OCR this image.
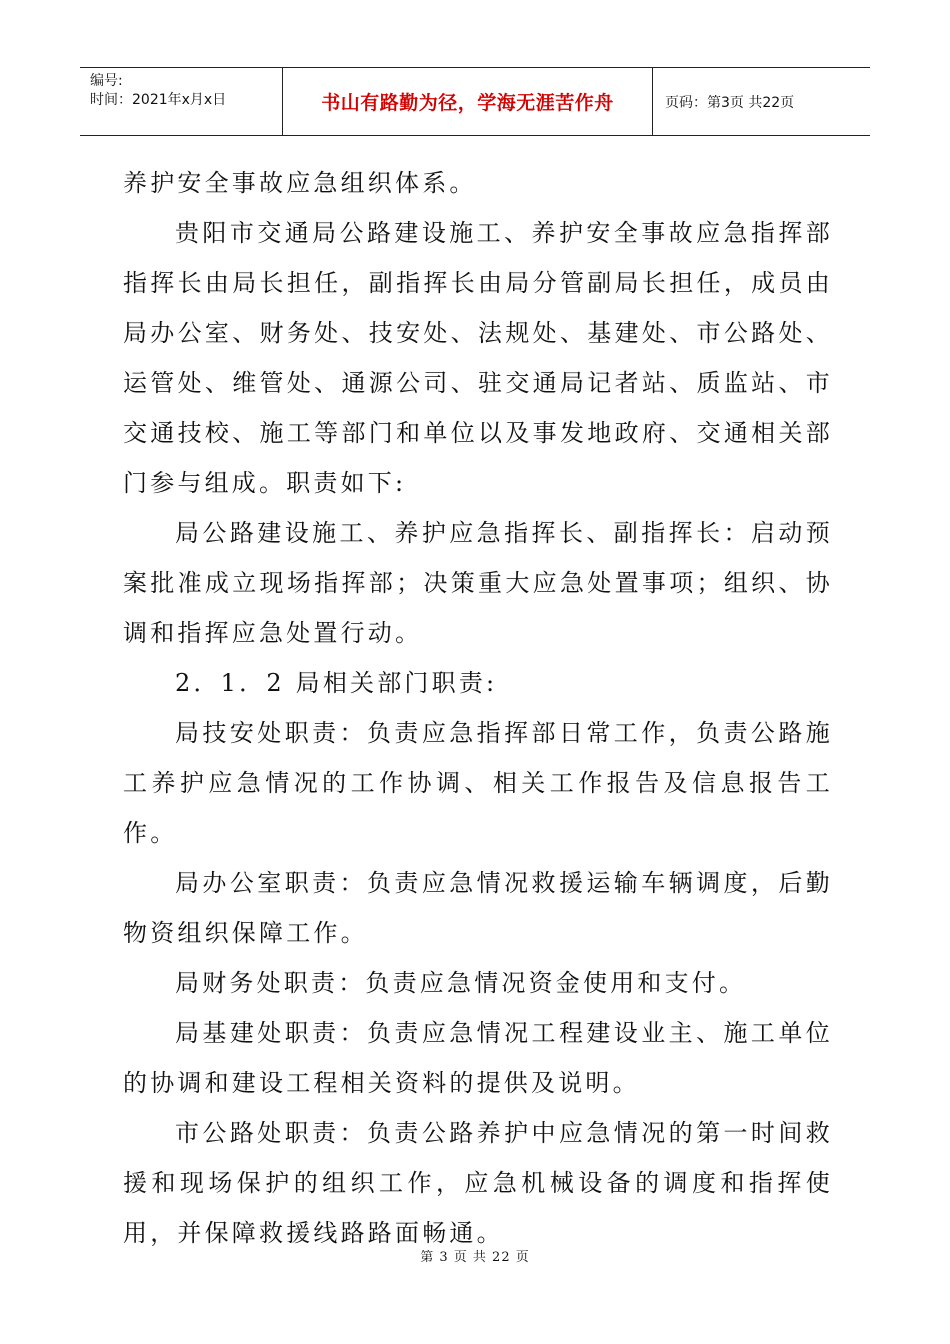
编号:
时间：2021年x月x日	书山有路勤为径，学海无涯苦作舟	页码：第3页 共22页

养护安全事故应急组织体系。

贵阳市交通局公路建设施工、养护安全事故应急指挥部指挥长由局长担任，副指挥长由局分管副局长担任，成员由局办公室、财务处、技安处、法规处、基建处、市公路处、运管处、维管处、通源公司、驻交通局记者站、质监站、市交通技校、施工等部门和单位以及事发地政府、交通相关部门参与组成。职责如下:

局公路建设施工、养护应急指挥长、副指挥长：启动预案批准成立现场指挥部；决策重大应急处置事项；组织、协调和指挥应急处置行动。

2．1．2 局相关部门职责:

局技安处职责：负责应急指挥部日常工作，负责公路施工养护应急情况的工作协调、相关工作报告及信息报告工作。

局办公室职责：负责应急情况救援运输车辆调度，后勤物资组织保障工作。

局财务处职责：负责应急情况资金使用和支付。

局基建处职责：负责应急情况工程建设业主、施工单位的协调和建设工程相关资料的提供及说明。

市公路处职责：负责公路养护中应急情况的第一时间救援和现场保护的组织工作，应急机械设备的调度和指挥使用，并保障救援线路路面畅通。

第 3 页 共 22 页
